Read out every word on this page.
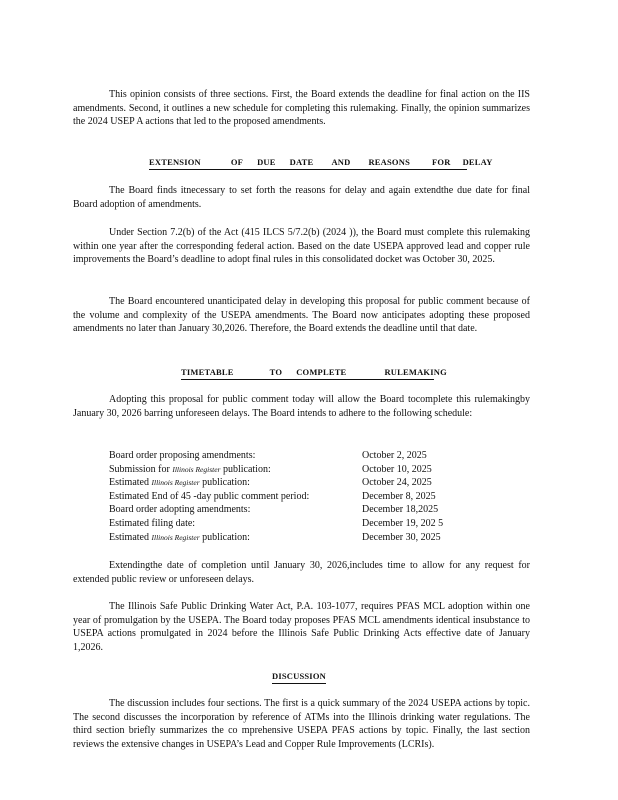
This opinion consists of three sections. First, the Board extends the deadline for final action on the IIS amendments. Second, it outlines a new schedule for completing this rulemaking. Finally, the opinion summarizes the 2024 USEP A actions that led to the proposed amendments.

EXTENSION	OF DUE DATE AND REASONS	FOR DELAY

The Board finds itnecessary to set forth the reasons for delay and again extendthe due date for final Board adoption of amendments.

Under Section 7.2(b) of the Act (415 ILCS 5/7.2(b) (2024 )), the Board must complete this rulemaking within one year after the corresponding federal action. Based on the date USEPA approved lead and copper rule improvements the Board’s deadline to adopt final rules in this consolidated docket was October 30, 2025.

The Board encountered unanticipated delay in developing this proposal for public comment because of the volume and complexity of the USEPA amendments. The Board now anticipates adopting these proposed amendments no later than January 30,2026. Therefore, the Board extends the deadline until that date.

TIMETABLE	TO COMPLETE	RULEMAKING

Adopting this proposal for public comment today will allow the Board tocomplete this rulemakingby January 30, 2026 barring unforeseen delays. The Board intends to adhere to the following schedule:

Board order proposing amendments:	October 2, 2025
Submission for Illinois Register publication:	October 10, 2025
Estimated Illinois Register publication:	October 24, 2025
Estimated End of 45 -day public comment period:	December 8, 2025
Board order adopting amendments:	December 18,2025
Estimated filing date:	December 19, 202 5
Estimated Illinois Register publication:	December 30, 2025

Extendingthe date of completion until January 30, 2026,includes time to allow for any request for extended public review or unforeseen delays.

The Illinois Safe Public Drinking Water Act, P.A. 103-1077, requires PFAS MCL adoption within one year of promulgation by the USEPA. The Board today proposes PFAS MCL amendments identical insubstance to USEPA actions promulgated in 2024 before the Illinois Safe Public Drinking Acts effective date of January 1,2026.

DISCUSSION

The discussion includes four sections. The first is a quick summary of the 2024 USEPA actions by topic. The second discusses the incorporation by reference of ATMs into the Illinois drinking water regulations. The third section briefly summarizes the co mprehensive USEPA PFAS actions by topic. Finally, the last section reviews the extensive changes in USEPA’s Lead and Copper Rule Improvements (LCRIs).
